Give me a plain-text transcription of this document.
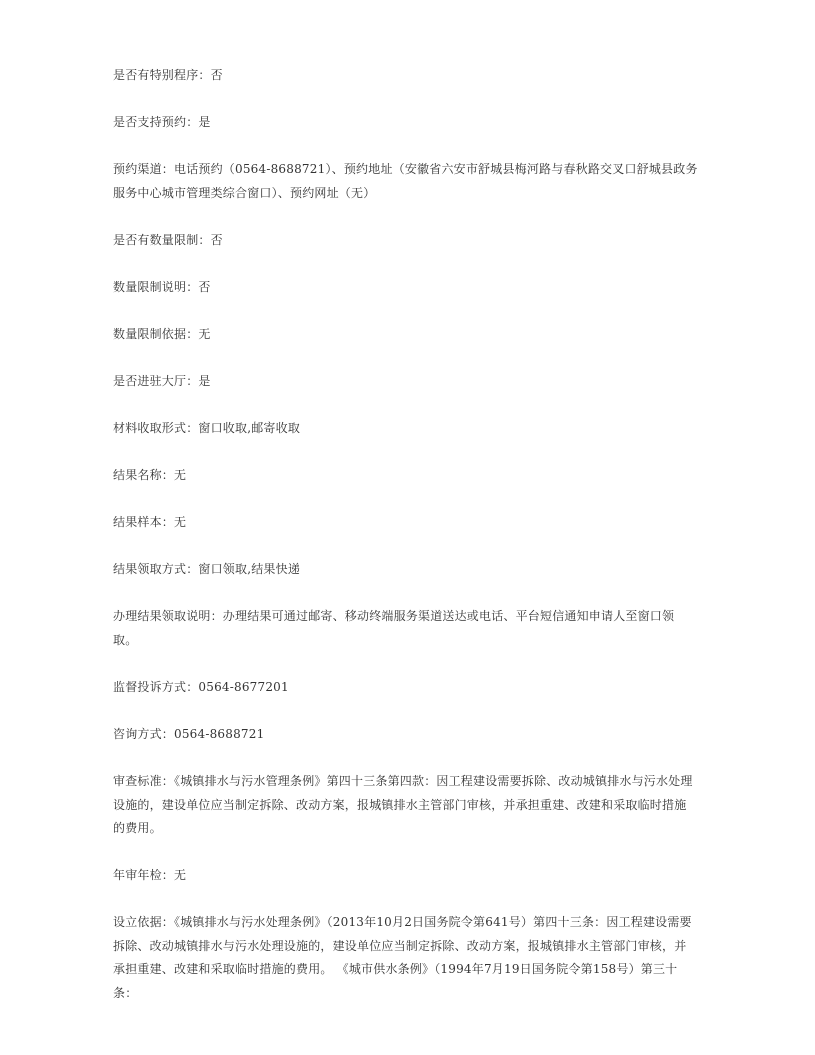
是否有特别程序：否

是否支持预约：是

预约渠道：电话预约（0564-8688721）、预约地址（安徽省六安市舒城县梅河路与春秋路交叉口舒城县政务服务中心城市管理类综合窗口）、预约网址（无）

是否有数量限制：否

数量限制说明：否

数量限制依据：无

是否进驻大厅：是

材料收取形式：窗口收取,邮寄收取

结果名称：无

结果样本：无

结果领取方式：窗口领取,结果快递

办理结果领取说明：办理结果可通过邮寄、移动终端服务渠道送达或电话、平台短信通知申请人至窗口领取。

监督投诉方式：0564-8677201

咨询方式：0564-8688721

审查标准：《城镇排水与污水管理条例》第四十三条第四款：因工程建设需要拆除、改动城镇排水与污水处理设施的，建设单位应当制定拆除、改动方案，报城镇排水主管部门审核，并承担重建、改建和采取临时措施的费用。

年审年检：无

设立依据：《城镇排水与污水处理条例》（2013年10月2日国务院令第641号）第四十三条：因工程建设需要拆除、改动城镇排水与污水处理设施的，建设单位应当制定拆除、改动方案，报城镇排水主管部门审核，并承担重建、改建和采取临时措施的费用。 《城市供水条例》（1994年7月19日国务院令第158号）第三十条：
